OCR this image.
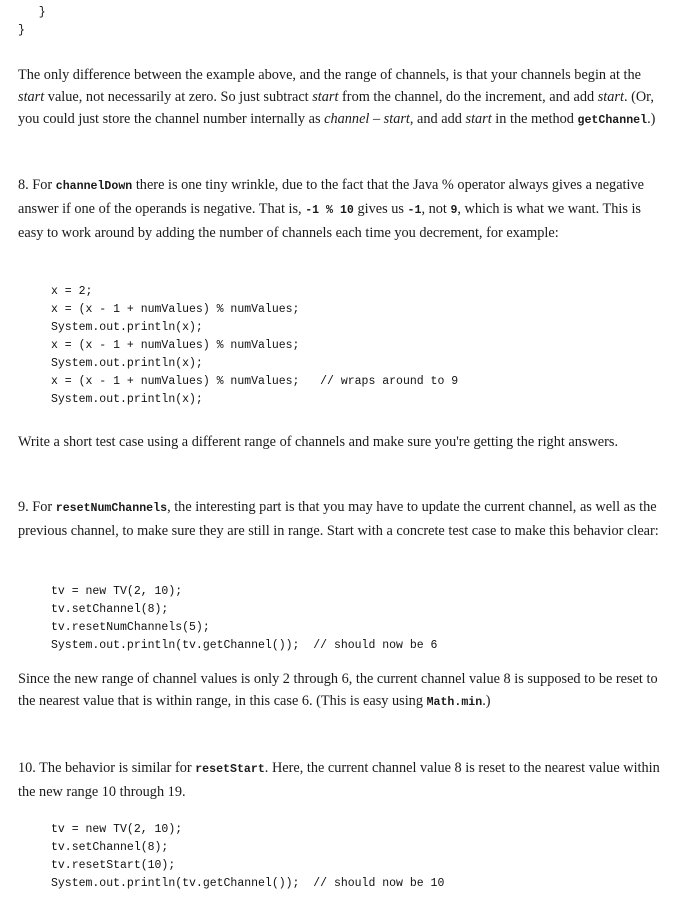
}
}

The only difference between the example above, and the range of channels, is that your channels begin at the start value, not necessarily at zero. So just subtract start from the channel, do the increment, and add start. (Or, you could just store the channel number internally as channel – start, and add start in the method getChannel.)

8. For channelDown there is one tiny wrinkle, due to the fact that the Java % operator always gives a negative answer if one of the operands is negative. That is, -1 % 10 gives us -1, not 9, which is what we want. This is easy to work around by adding the number of channels each time you decrement, for example:

x = 2;
x = (x - 1 + numValues) % numValues;
System.out.println(x);
x = (x - 1 + numValues) % numValues;
System.out.println(x);
x = (x - 1 + numValues) % numValues;   // wraps around to 9
System.out.println(x);

Write a short test case using a different range of channels and make sure you're getting the right answers.

9. For resetNumChannels, the interesting part is that you may have to update the current channel, as well as the previous channel, to make sure they are still in range. Start with a concrete test case to make this behavior clear:

tv = new TV(2, 10);
tv.setChannel(8);
tv.resetNumChannels(5);
System.out.println(tv.getChannel());  // should now be 6

Since the new range of channel values is only 2 through 6, the current channel value 8 is supposed to be reset to the nearest value that is within range, in this case 6. (This is easy using Math.min.)

10. The behavior is similar for resetStart. Here, the current channel value 8 is reset to the nearest value within the new range 10 through 19.

tv = new TV(2, 10);
tv.setChannel(8);
tv.resetStart(10);
System.out.println(tv.getChannel());  // should now be 10
